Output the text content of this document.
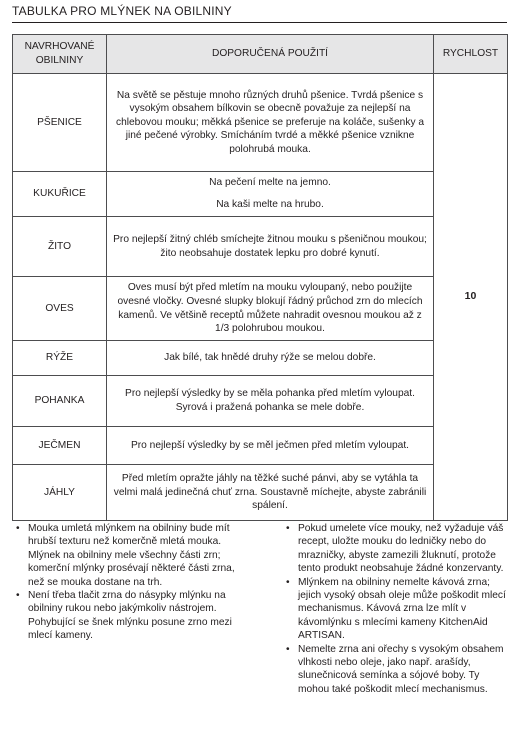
TABULKA PRO MLÝNEK NA OBILNINY
NAVRHOVANÉ OBILNINY	DOPORUČENÁ POUŽITÍ	RYCHLOST
PŠENICE	Na světě se pěstuje mnoho různých druhů pšenice. Tvrdá pšenice s vysokým obsahem bílkovin se obecně považuje za nejlepší na chlebovou mouku; měkká pšenice se preferuje na koláče, sušenky a jiné pečené výrobky. Smícháním tvrdé a měkké pšenice vznikne polohrubá mouka.	10
KUKUŘICE	Na pečení melte na jemno.

Na kaši melte na hrubo.	

ŽITO	Pro nejlepší žitný chléb smíchejte žitnou mouku s pšeničnou moukou; žito neobsahuje dostatek lepku pro dobré kynutí.	

OVES	Oves musí být před mletím na mouku vyloupaný, nebo použijte ovesné vločky. Ovesné slupky blokují řádný průchod zrn do mlecích kamenů. Ve většině receptů můžete nahradit ovesnou moukou až z 1/3 polohrubou moukou.	

RÝŽE	Jak bílé, tak hnědé druhy rýže se melou dobře.	

POHANKA	Pro nejlepší výsledky by se měla pohanka před mletím vyloupat. Syrová i pražená pohanka se mele dobře.	

JEČMEN	Pro nejlepší výsledky by se měl ječmen před mletím vyloupat.	

JÁHLY	Před mletím opražte jáhly na těžké suché pánvi, aby se vytáhla ta velmi malá jedinečná chuť zrna. Soustavně míchejte, abyste zabránili spálení.	

• Mouka umletá mlýnkem na obilniny bude mít hrubší texturu než komerčně mletá mouka. Mlýnek na obilniny mele všechny části zrn; komerční mlýnky prosévají některé části zrna, než se mouka dostane na trh.
• Není třeba tlačit zrna do násypky mlýnku na obilniny rukou nebo jakýmkoliv nástrojem. Pohybující se šnek mlýnku posune zrno mezi mlecí kameny.
• Pokud umelete více mouky, než vyžaduje váš recept, uložte mouku do ledničky nebo do mrazničky, abyste zamezili žluknutí, protože tento produkt neobsahuje žádné konzervanty.
• Mlýnkem na obilniny nemelte kávová zrna; jejich vysoký obsah oleje může poškodit mlecí mechanismus. Kávová zrna lze mlít v kávomlýnku s mlecími kameny KitchenAid ARTISAN.
• Nemelte zrna ani ořechy s vysokým obsahem vlhkosti nebo oleje, jako např. arašídy, slunečnicová semínka a sójové boby. Ty mohou také poškodit mlecí mechanismus.
